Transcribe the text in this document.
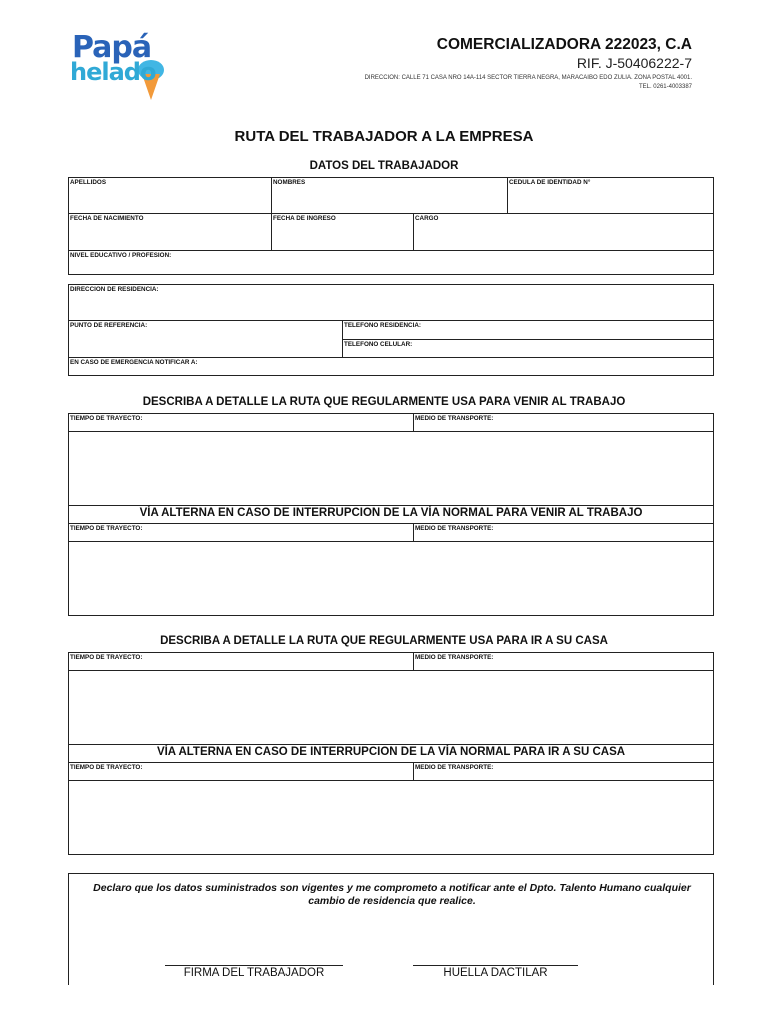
Papá
helado
COMERCIALIZADORA 222023, C.A
RIF. J-50406222-7
DIRECCION: CALLE 71 CASA NRO 14A-114 SECTOR TIERRA NEGRA, MARACAIBO EDO ZULIA. ZONA POSTAL 4001. TEL. 0261-4003387
RUTA DEL TRABAJADOR A LA EMPRESA
DATOS DEL TRABAJADOR
APELLIDOS	NOMBRES	CEDULA DE IDENTIDAD N°
FECHA DE NACIMIENTO	FECHA DE INGRESO	CARGO
NIVEL EDUCATIVO / PROFESION:
DIRECCION DE RESIDENCIA:
PUNTO DE REFERENCIA:	TELEFONO RESIDENCIA:
TELEFONO CELULAR:
EN CASO DE EMERGENCIA NOTIFICAR A:
DESCRIBA A DETALLE LA RUTA QUE REGULARMENTE USA PARA VENIR AL TRABAJO
TIEMPO DE TRAYECTO:	MEDIO DE TRANSPORTE:
VÍA ALTERNA EN CASO DE INTERRUPCION DE LA VÍA NORMAL PARA VENIR AL TRABAJO
TIEMPO DE TRAYECTO:	MEDIO DE TRANSPORTE:
DESCRIBA A DETALLE LA RUTA QUE REGULARMENTE USA PARA IR A SU CASA
TIEMPO DE TRAYECTO:	MEDIO DE TRANSPORTE:
VÍA ALTERNA EN CASO DE INTERRUPCION DE LA VÍA NORMAL PARA IR A SU CASA
TIEMPO DE TRAYECTO:	MEDIO DE TRANSPORTE:
Declaro que los datos suministrados son vigentes y me comprometo a notificar ante el Dpto. Talento Humano cualquier cambio de residencia que realice.
FIRMA DEL TRABAJADOR	HUELLA DACTILAR
